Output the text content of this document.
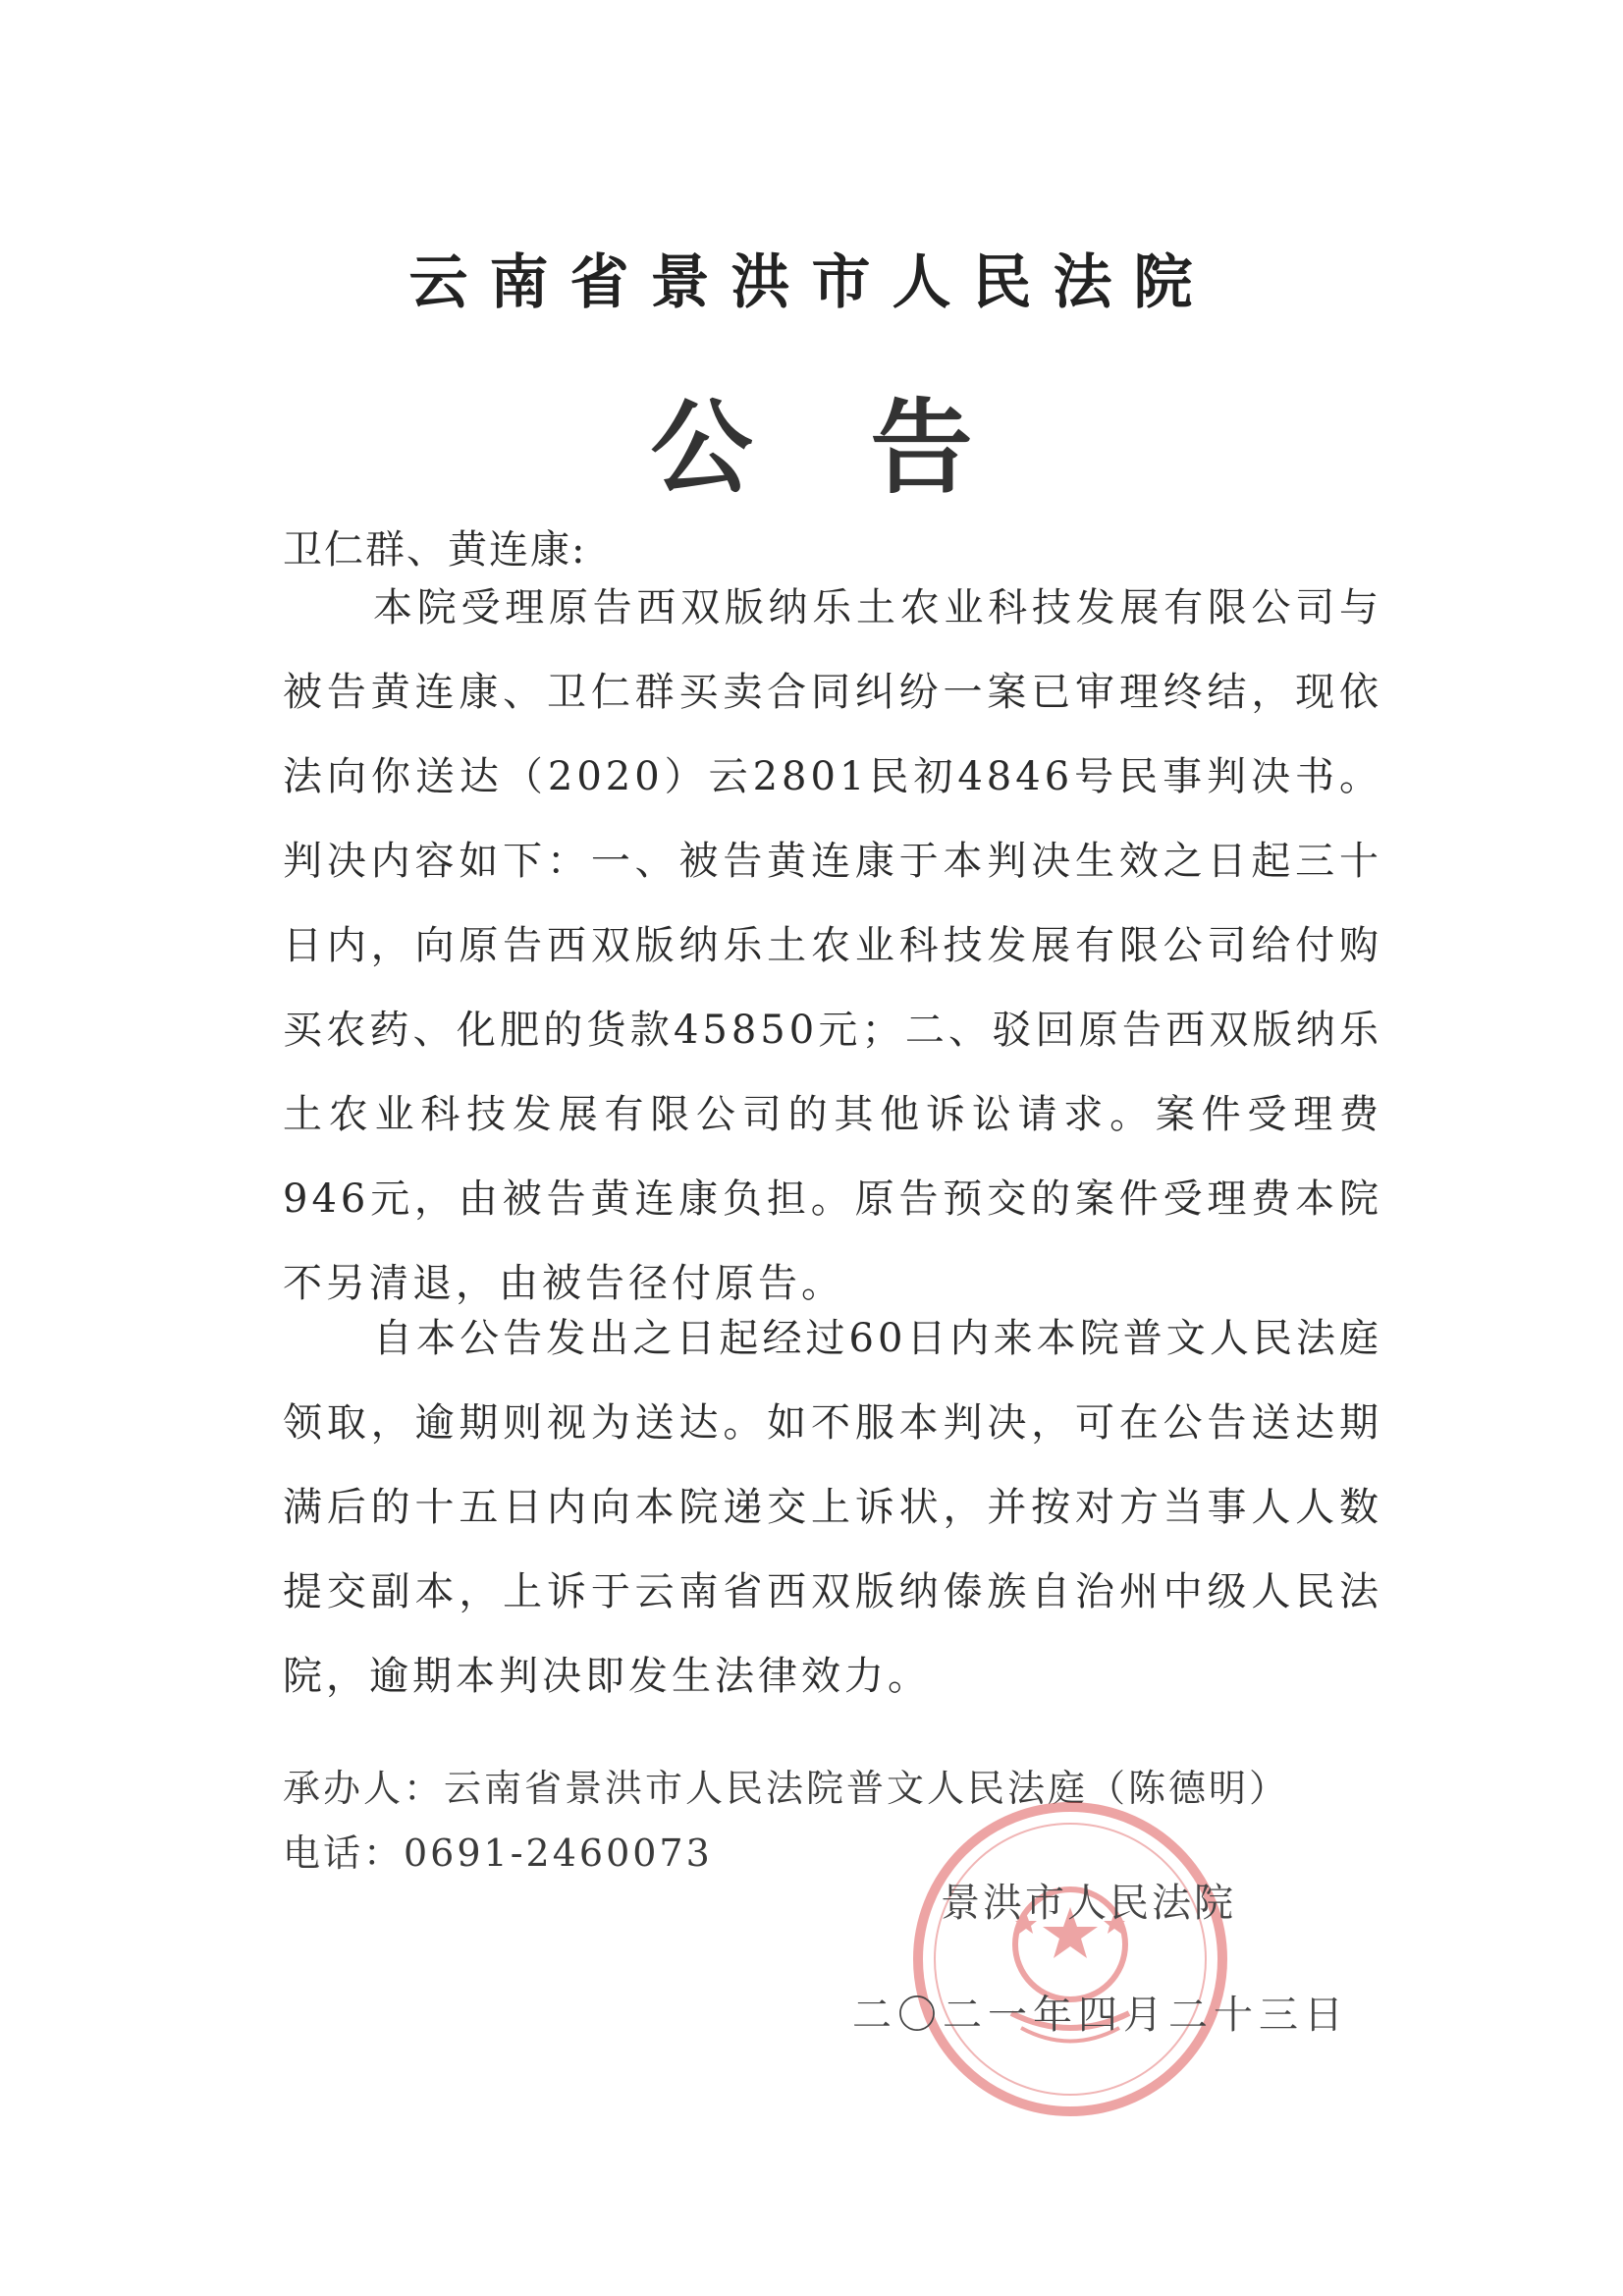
云南省景洪市人民法院
公告
卫仁群、黄连康:

本院受理原告西双版纳乐土农业科技发展有限公司与被告黄连康、卫仁群买卖合同纠纷一案已审理终结，现依法向你送达（2020）云2801民初4846号民事判决书。判决内容如下：一、被告黄连康于本判决生效之日起三十日内，向原告西双版纳乐土农业科技发展有限公司给付购买农药、化肥的货款45850元；二、驳回原告西双版纳乐土农业科技发展有限公司的其他诉讼请求。案件受理费946元，由被告黄连康负担。原告预交的案件受理费本院不另清退，由被告径付原告。

自本公告发出之日起经过60日内来本院普文人民法庭领取，逾期则视为送达。如不服本判决，可在公告送达期满后的十五日内向本院递交上诉状，并按对方当事人人数提交副本，上诉于云南省西双版纳傣族自治州中级人民法院，逾期本判决即发生法律效力。

承办人：云南省景洪市人民法院普文人民法庭（陈德明）
电话：0691-2460073
景洪市人民法院
二〇二一年四月二十三日
